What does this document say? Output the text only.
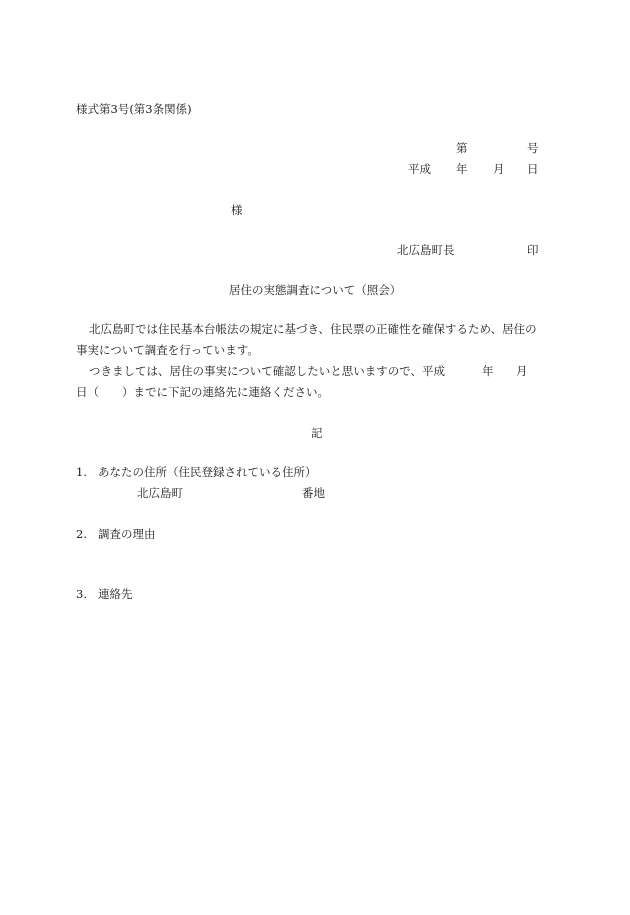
様式第3号(第3条関係)
第	号
平成 年 月 日
様
北広島町長	印
居住の実態調査について（照会）
北広島町では住民基本台帳法の規定に基づき、住民票の正確性を確保するため、居住の
事実について調査を行っています。
つきましては、居住の事実について確認したいと思いますので、平成	年 月
日（　　）までに下記の連絡先に連絡ください。
記
1. あなたの住所（住民登録されている住所）
北広島町	番地
2. 調査の理由
3. 連絡先
